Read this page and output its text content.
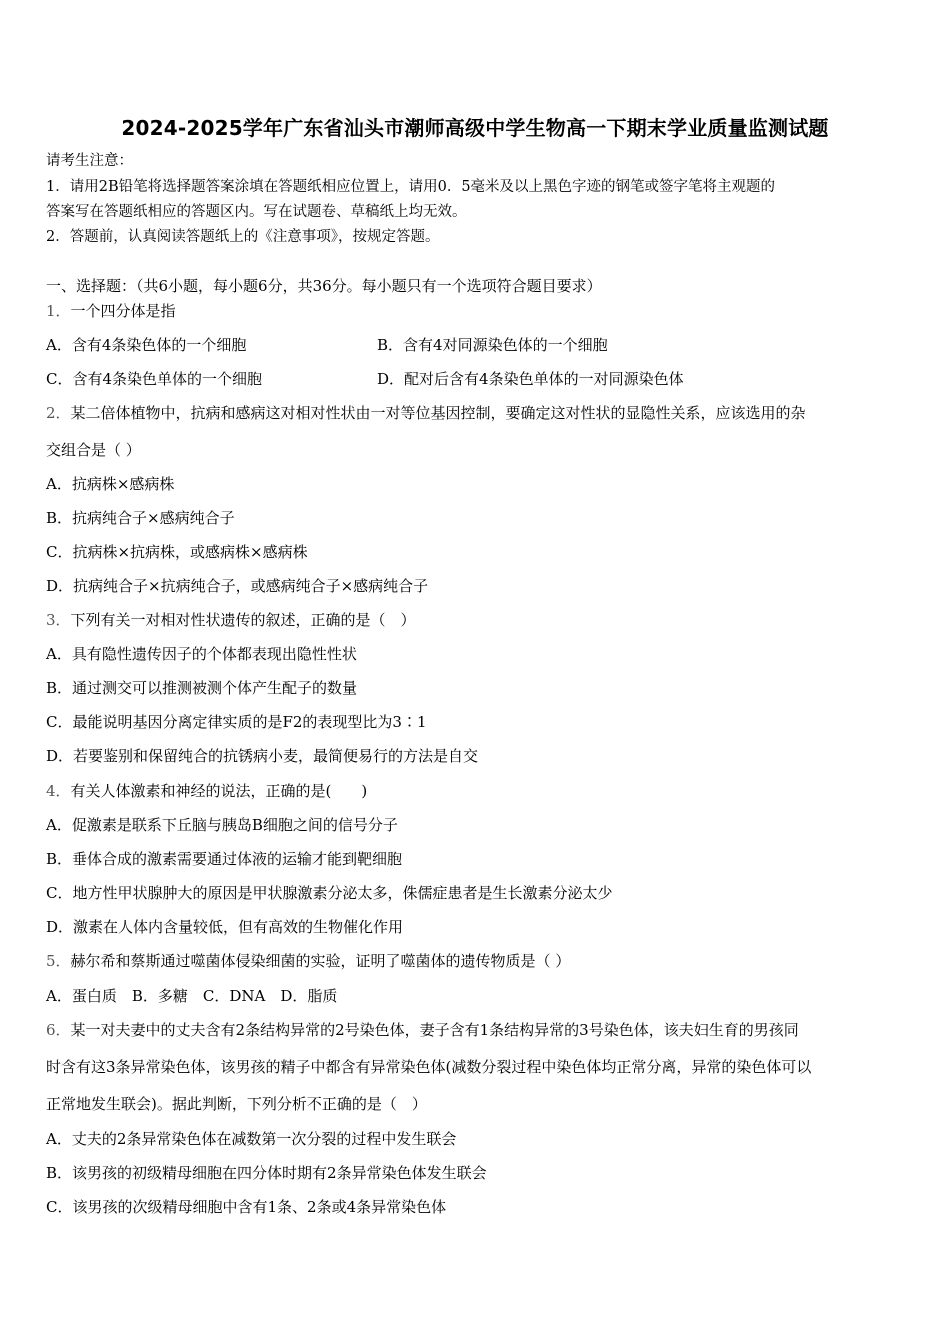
2024-2025学年广东省汕头市潮师高级中学生物高一下期末学业质量监测试题
请考生注意：
1．请用2B铅笔将选择题答案涂填在答题纸相应位置上，请用0．5毫米及以上黑色字迹的钢笔或签字笔将主观题的
答案写在答题纸相应的答题区内。写在试题卷、草稿纸上均无效。
2．答题前，认真阅读答题纸上的《注意事项》，按规定答题。
一、选择题：（共6小题，每小题6分，共36分。每小题只有一个选项符合题目要求）
1．一个四分体是指
A．含有4条染色体的一个细胞	B．含有4对同源染色体的一个细胞
C．含有4条染色单体的一个细胞	D．配对后含有4条染色单体的一对同源染色体
2．某二倍体植物中，抗病和感病这对相对性状由一对等位基因控制，要确定这对性状的显隐性关系，应该选用的杂
交组合是（ ）
A．抗病株×感病株
B．抗病纯合子×感病纯合子
C．抗病株×抗病株，或感病株×感病株
D．抗病纯合子×抗病纯合子，或感病纯合子×感病纯合子
3．下列有关一对相对性状遗传的叙述，正确的是（　）
A．具有隐性遗传因子的个体都表现出隐性性状
B．通过测交可以推测被测个体产生配子的数量
C．最能说明基因分离定律实质的是F2的表现型比为3∶1
D．若要鉴别和保留纯合的抗锈病小麦，最简便易行的方法是自交
4．有关人体激素和神经的说法，正确的是(　　)
A．促激素是联系下丘脑与胰岛B细胞之间的信号分子
B．垂体合成的激素需要通过体液的运输才能到靶细胞
C．地方性甲状腺肿大的原因是甲状腺激素分泌太多，侏儒症患者是生长激素分泌太少
D．激素在人体内含量较低，但有高效的生物催化作用
5．赫尔希和蔡斯通过噬菌体侵染细菌的实验，证明了噬菌体的遗传物质是（ ）
A．蛋白质　B．多糖　C．DNA　D．脂质
6．某一对夫妻中的丈夫含有2条结构异常的2号染色体，妻子含有1条结构异常的3号染色体，该夫妇生育的男孩同
时含有这3条异常染色体，该男孩的精子中都含有异常染色体(减数分裂过程中染色体均正常分离，异常的染色体可以
正常地发生联会)。据此判断，下列分析不正确的是（　）
A．丈夫的2条异常染色体在减数第一次分裂的过程中发生联会
B．该男孩的初级精母细胞在四分体时期有2条异常染色体发生联会
C．该男孩的次级精母细胞中含有1条、2条或4条异常染色体
